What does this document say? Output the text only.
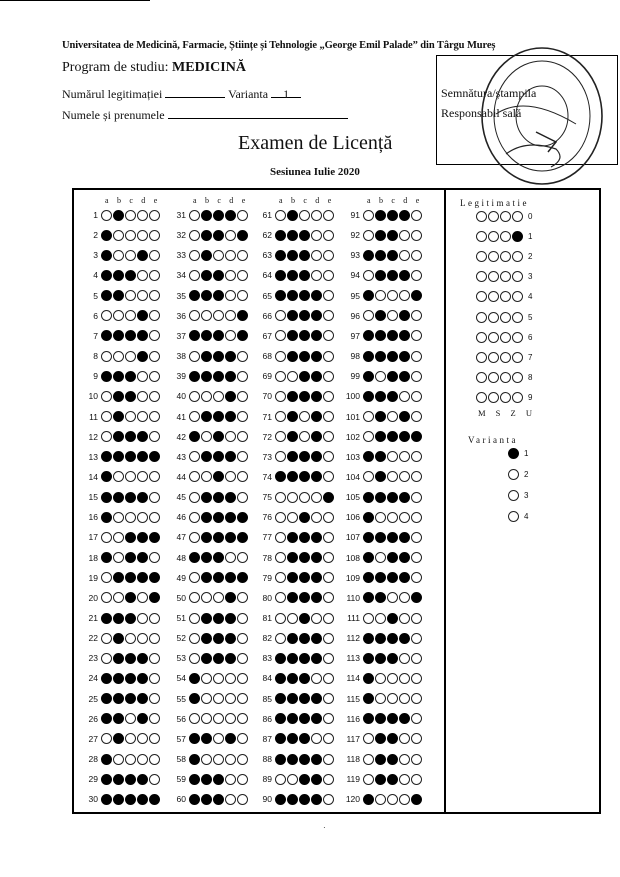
Universitatea de Medicină, Farmacie, Științe și Tehnologie „George Emil Palade” din Târgu Mureș
Program de studiu: MEDICINĂ
Numărul legitimației	Varianta 1
Numele și prenumele
Semnătura/ștampila
Responsabil sală
Examen de Licență
Sesiunea Iulie 2020
a b c d e
1
2
3
4
5
6
7
8
9
10
11
12
13
14
15
16
17
18
19
20
21
22
23
24
25
26
27
28
29
30
a b c d e
31
32
33
34
35
36
37
38
39
40
41
42
43
44
45
46
47
48
49
50
51
52
53
54
55
56
57
58
59
60
a b c d e
61
62
63
64
65
66
67
68
69
70
71
72
73
74
75
76
77
78
79
80
81
82
83
84
85
86
87
88
89
90
a b c d e
91
92
93
94
95
96
97
98
99
100
101
102
103
104
105
106
107
108
109
110
111
112
113
114
115
116
117
118
119
120
Legitimatie
0
1
2
3
4
5
6
7
8
9
M S Z U
Varianta
1
2
3
4
·
